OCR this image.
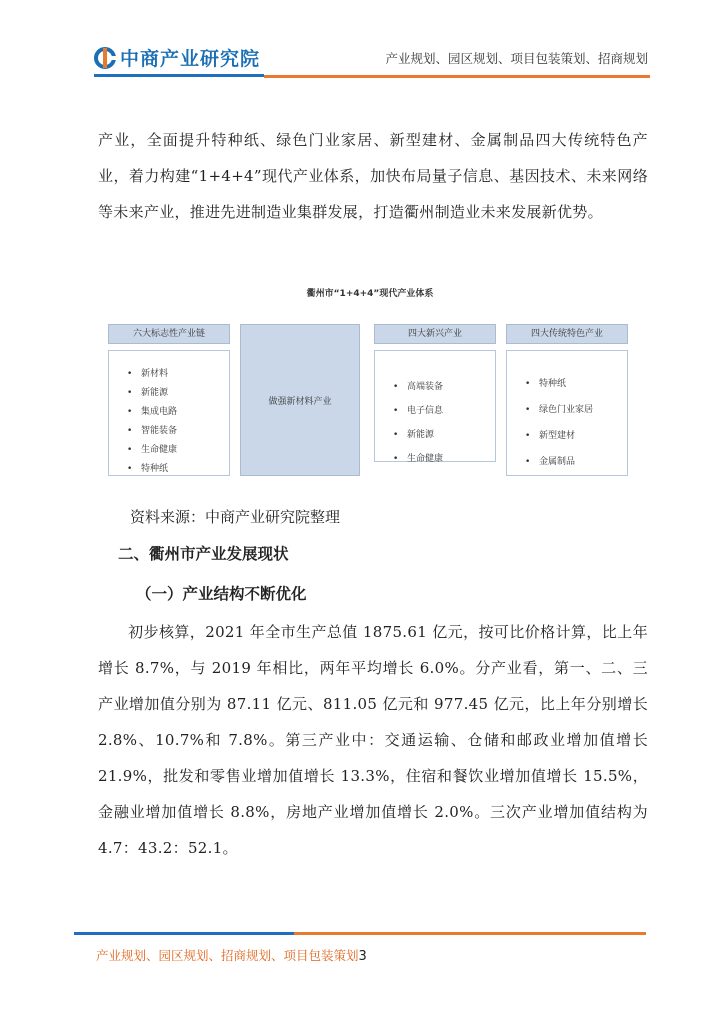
中商产业研究院	产业规划、园区规划、项目包装策划、招商规划
产业，全面提升特种纸、绿色门业家居、新型建材、金属制品四大传统特色产业，着力构建“1+4+4”现代产业体系，加快布局量子信息、基因技术、未来网络等未来产业，推进先进制造业集群发展，打造衢州制造业未来发展新优势。
衢州市“1+4+4”现代产业体系
六大标志性产业链
• 新材料
• 新能源
• 集成电路
• 智能装备
• 生命健康
• 特种纸
做强新材料产业
四大新兴产业
• 高端装备
• 电子信息
• 新能源
• 生命健康
四大传统特色产业
• 特种纸
• 绿色门业家居
• 新型建材
• 金属制品
资料来源：中商产业研究院整理
二、衢州市产业发展现状
（一）产业结构不断优化
初步核算，2021 年全市生产总值 1875.61 亿元，按可比价格计算，比上年增长 8.7%，与 2019 年相比，两年平均增长 6.0%。分产业看，第一、二、三产业增加值分别为 87.11 亿元、811.05 亿元和 977.45 亿元，比上年分别增长 2.8%、10.7%和 7.8%。第三产业中：交通运输、仓储和邮政业增加值增长 21.9%，批发和零售业增加值增长 13.3%，住宿和餐饮业增加值增长 15.5%，金融业增加值增长 8.8%，房地产业增加值增长 2.0%。三次产业增加值结构为 4.7：43.2：52.1。
产业规划、园区规划、招商规划、项目包装策划3
